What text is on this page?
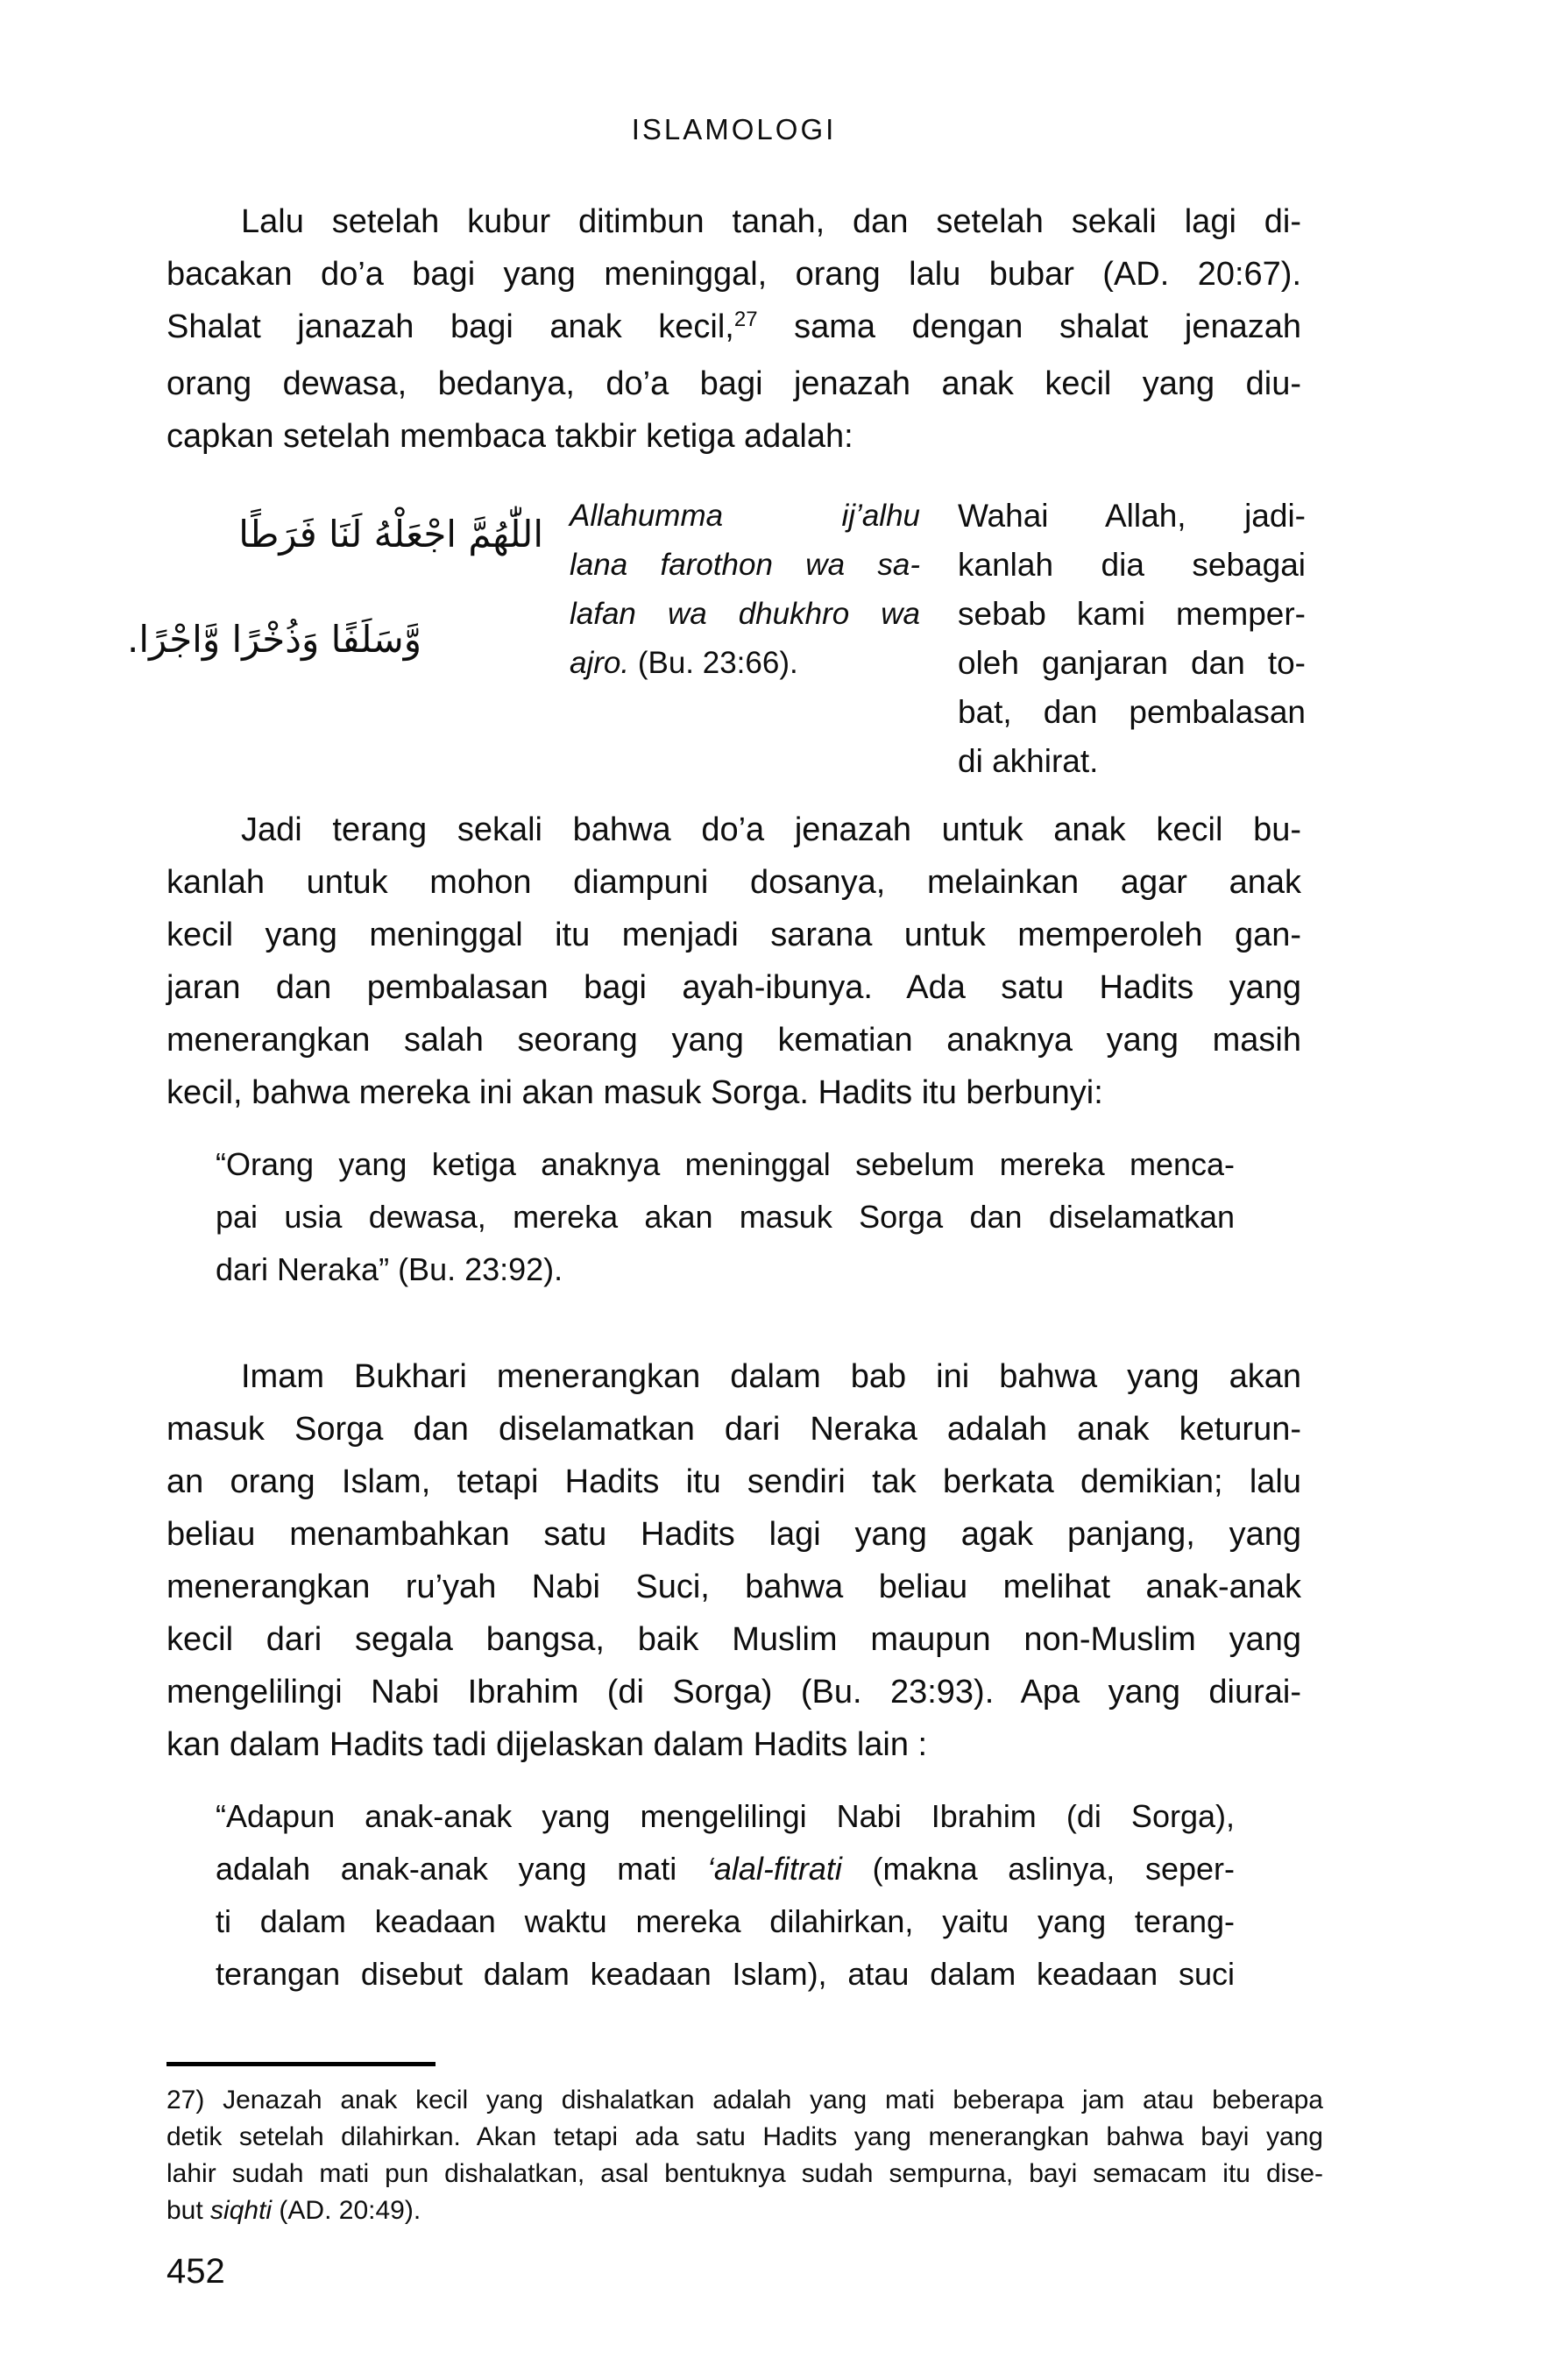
ISLAMOLOGI
Lalu setelah kubur ditimbun tanah, dan setelah sekali lagi di-
bacakan do’a bagi yang meninggal, orang lalu bubar (AD. 20:67).
Shalat janazah bagi anak kecil,$^{27}$ sama dengan shalat jenazah
orang dewasa, bedanya, do’a bagi jenazah anak kecil yang diu-
capkan setelah membaca takbir ketiga adalah:
اللّٰهُمَّ اجْعَلْهُ لَنَا فَرَطًا
وَّسَلَفًا وَذُخْرًا وَّاجْرًا.
Allahumma ij’alhu
lana farothon wa sa-
lafan wa dhukhro wa
ajro. (Bu. 23:66).
Wahai Allah, jadi-
kanlah dia sebagai
sebab kami memper-
oleh ganjaran dan to-
bat, dan pembalasan
di akhirat.
Jadi terang sekali bahwa do’a jenazah untuk anak kecil bu-
kanlah untuk mohon diampuni dosanya, melainkan agar anak
kecil yang meninggal itu menjadi sarana untuk memperoleh gan-
jaran dan pembalasan bagi ayah-ibunya. Ada satu Hadits yang
menerangkan salah seorang yang kematian anaknya yang masih
kecil, bahwa mereka ini akan masuk Sorga. Hadits itu berbunyi:
“Orang yang ketiga anaknya meninggal sebelum mereka menca-
pai usia dewasa, mereka akan masuk Sorga dan diselamatkan
dari Neraka” (Bu. 23:92).
Imam Bukhari menerangkan dalam bab ini bahwa yang akan
masuk Sorga dan diselamatkan dari Neraka adalah anak keturun-
an orang Islam, tetapi Hadits itu sendiri tak berkata demikian; lalu
beliau menambahkan satu Hadits lagi yang agak panjang, yang
menerangkan ru’yah Nabi Suci, bahwa beliau melihat anak-anak
kecil dari segala bangsa, baik Muslim maupun non-Muslim yang
mengelilingi Nabi Ibrahim (di Sorga) (Bu. 23:93). Apa yang diurai-
kan dalam Hadits tadi dijelaskan dalam Hadits lain :
“Adapun anak-anak yang mengelilingi Nabi Ibrahim (di Sorga),
adalah anak-anak yang mati ‘alal-fitrati (makna aslinya, seper-
ti dalam keadaan waktu mereka dilahirkan, yaitu yang terang-
terangan disebut dalam keadaan Islam), atau dalam keadaan suci
27) Jenazah anak kecil yang dishalatkan adalah yang mati beberapa jam atau beberapa
detik setelah dilahirkan. Akan tetapi ada satu Hadits yang menerangkan bahwa bayi yang
lahir sudah mati pun dishalatkan, asal bentuknya sudah sempurna, bayi semacam itu dise-
but siqhti (AD. 20:49).
452
